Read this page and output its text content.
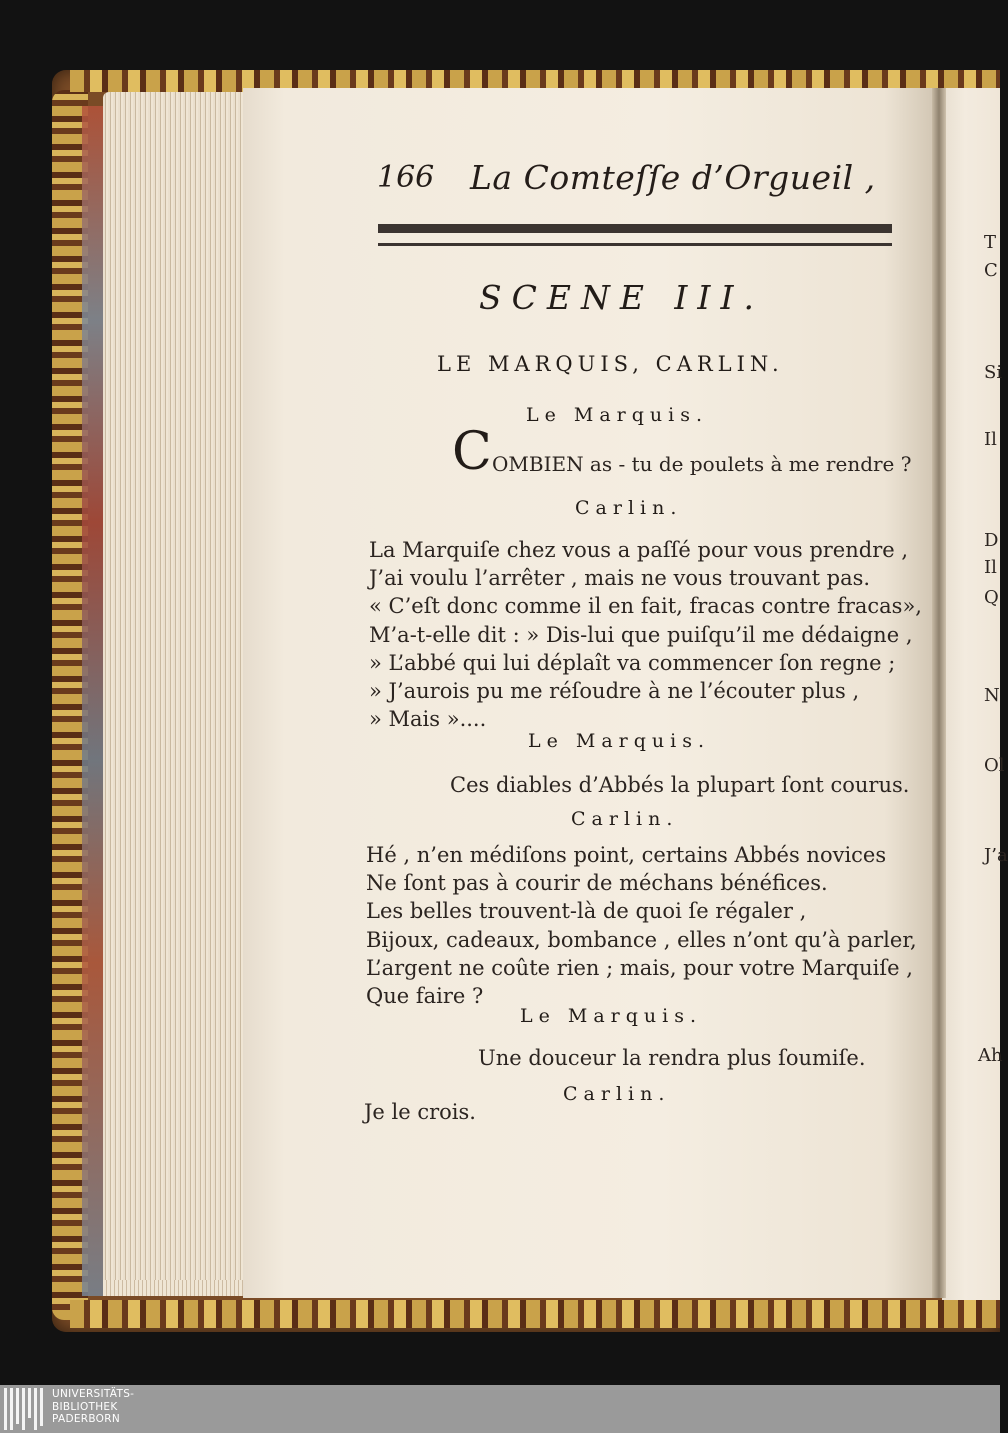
166 La Comteſſe d’Orgueil ,
SCENE III.
LE MARQUIS, CARLIN.
Le Marquis.
C OMBIEN as - tu de poulets à me rendre ?
Carlin.
La Marquiſe chez vous a paſſé pour vous prendre ,
J’ai voulu l’arrêter , mais ne vous trouvant pas.
« C’eſt donc comme il en fait, fracas contre fracas»,
M’a-t-elle dit : » Dis-lui que puiſqu’il me dédaigne ,
» L’abbé qui lui déplaît va commencer ſon regne ;
» J’aurois pu me réſoudre à ne l’écouter plus ,
» Mais »....
Le Marquis.
Ces diables d’Abbés la plupart ſont courus.
Carlin.
Hé , n’en médiſons point, certains Abbés novices
Ne ſont pas à courir de méchans bénéfices.
Les belles trouvent-là de quoi ſe régaler ,
Bijoux, cadeaux, bombance , elles n’ont qu’à parler,
L’argent ne coûte rien ; mais, pour votre Marquiſe ,
Que faire ?
Le Marquis.
Une douceur la rendra plus ſoumiſe.
Carlin.
Je le crois.
T
C
Si
Il
D
Il
Q
N
Ol
J’a
Ah
UNIVERSITÄTS-
BIBLIOTHEK
PADERBORN
